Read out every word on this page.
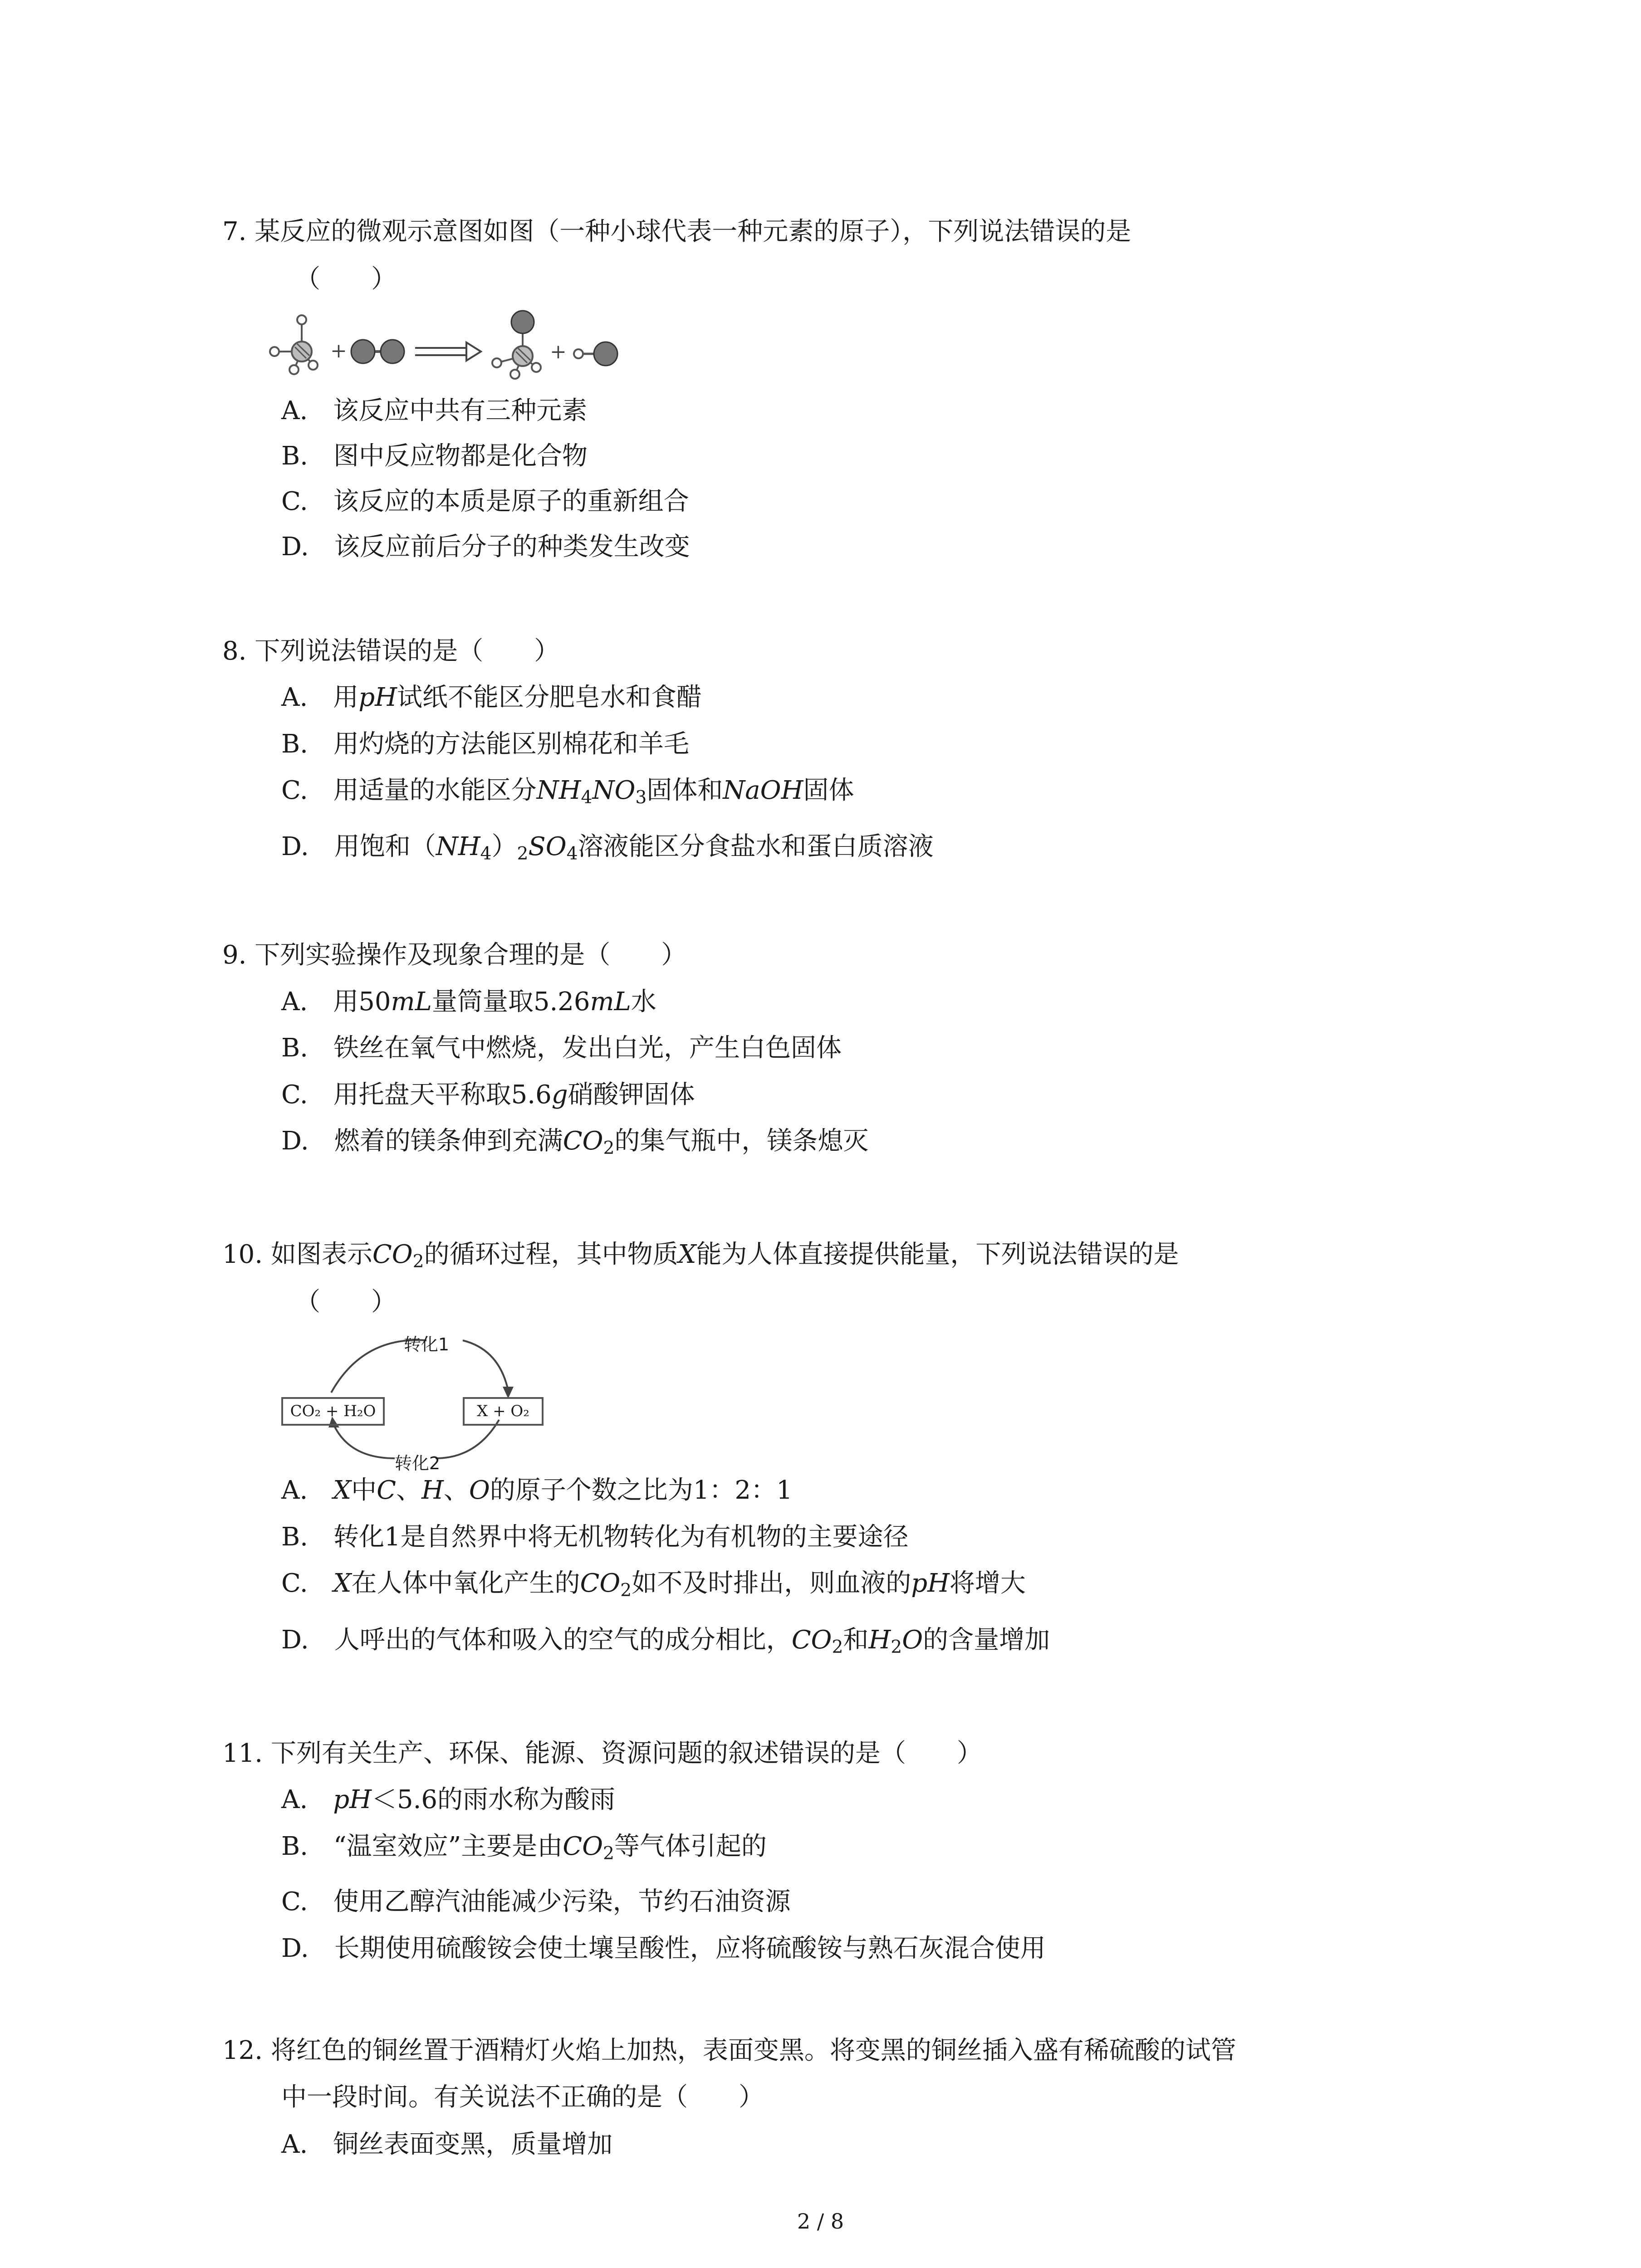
7. 某反应的微观示意图如图（一种小球代表一种元素的原子），下列说法错误的是
（　　）
+	+
A.　 该反应中共有三种元素
B.　 图中反应物都是化合物
C.　 该反应的本质是原子的重新组合
D.　 该反应前后分子的种类发生改变
8. 下列说法错误的是（　　）
A.　 用pH试纸不能区分肥皂水和食醋
B.　 用灼烧的方法能区别棉花和羊毛
C.　 用适量的水能区分$NH_4NO_3$固体和NaOH固体
D.　 用饱和$(NH_4)_2SO_4$溶液能区分食盐水和蛋白质溶液
9. 下列实验操作及现象合理的是（　　）
A.　 用50mL量筒量取5.26mL水
B.　 铁丝在氧气中燃烧，发出白光，产生白色固体
C.　 用托盘天平称取5.6g硝酸钾固体
D.　 燃着的镁条伸到充满$CO_2$的集气瓶中，镁条熄灭
10. 如图表示$CO_2$的循环过程，其中物质X能为人体直接提供能量，下列说法错误的是
（　　）
CO₂ + H₂O	X + O₂
转化1
转化2
A.　 X中C、H、O的原子个数之比为1：2：1
B.　 转化1是自然界中将无机物转化为有机物的主要途径
C.　 X在人体中氧化产生的$CO_2$如不及时排出，则血液的pH将增大
D.　 人呼出的气体和吸入的空气的成分相比，$CO_2$和$H_2O$的含量增加
11. 下列有关生产、环保、能源、资源问题的叙述错误的是（　　）
A.　 pH＜5.6的雨水称为酸雨
B.　 “温室效应”主要是由$CO_2$等气体引起的
C.　 使用乙醇汽油能减少污染，节约石油资源
D.　 长期使用硫酸铵会使土壤呈酸性，应将硫酸铵与熟石灰混合使用
12. 将红色的铜丝置于酒精灯火焰上加热，表面变黑。将变黑的铜丝插入盛有稀硫酸的试管
中一段时间。有关说法不正确的是（　　）
A.　 铜丝表面变黑，质量增加
2 / 8
